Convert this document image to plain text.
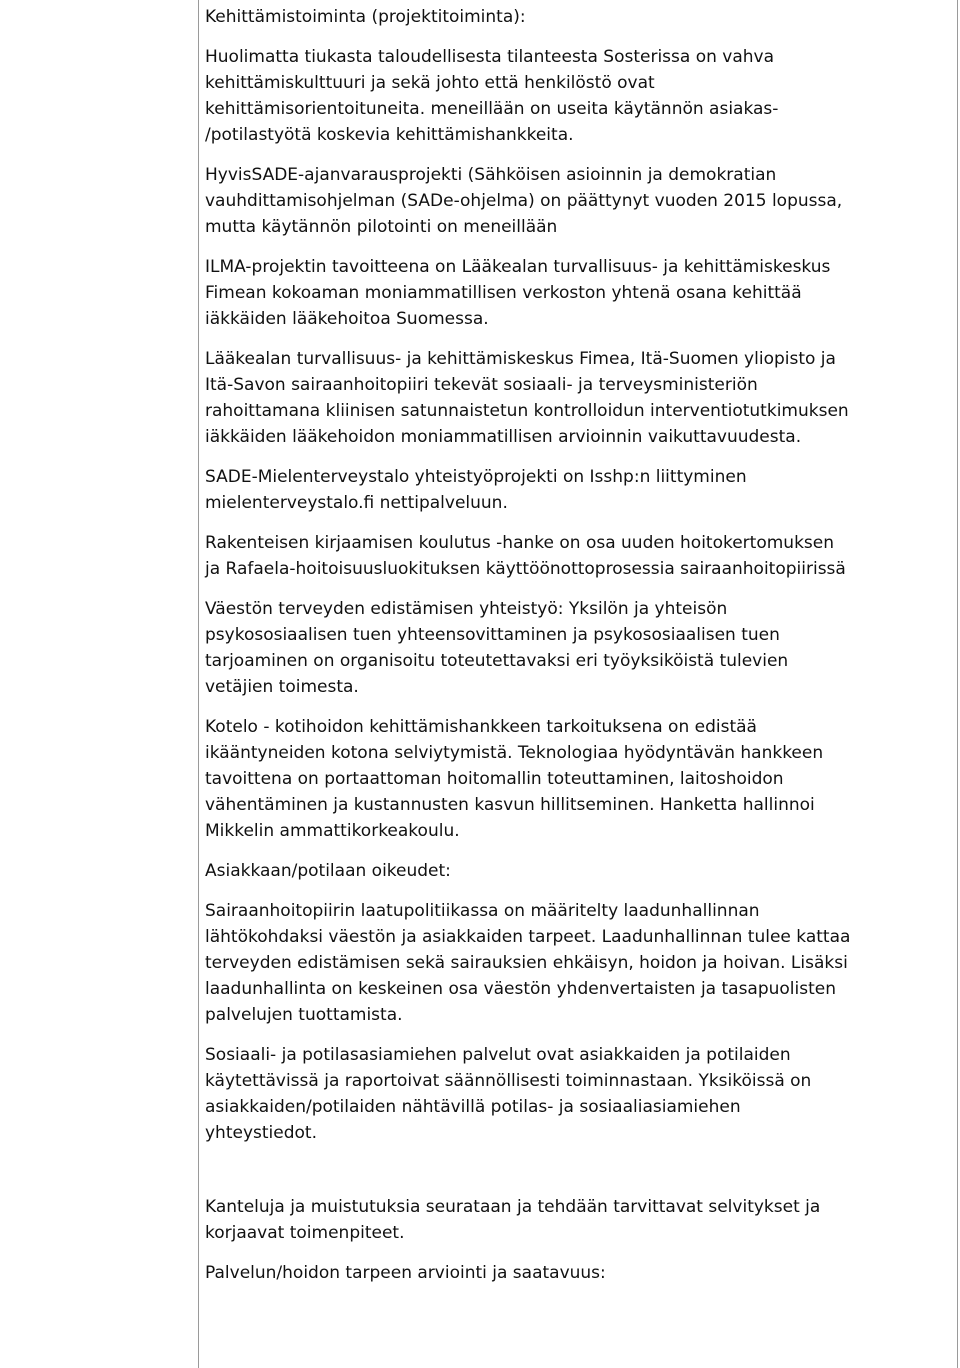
Kehittämistoiminta (projektitoiminta):

Huolimatta tiukasta taloudellisesta tilanteesta Sosterissa on vahva
kehittämiskulttuuri ja sekä johto että henkilöstö ovat
kehittämisorientoituneita. meneillään on useita käytännön asiakas-
/potilastyötä koskevia kehittämishankkeita.

HyvisSADE-ajanvarausprojekti (Sähköisen asioinnin ja demokratian
vauhdittamisohjelman (SADe-ohjelma) on päättynyt vuoden 2015 lopussa,
mutta käytännön pilotointi on meneillään

ILMA-projektin tavoitteena on Lääkealan turvallisuus- ja kehittämiskeskus
Fimean kokoaman moniammatillisen verkoston yhtenä osana kehittää
iäkkäiden lääkehoitoa Suomessa.

Lääkealan turvallisuus- ja kehittämiskeskus Fimea, Itä-Suomen yliopisto ja
Itä-Savon sairaanhoitopiiri tekevät sosiaali- ja terveysministeriön
rahoittamana kliinisen satunnaistetun kontrolloidun interventiotutkimuksen
iäkkäiden lääkehoidon moniammatillisen arvioinnin vaikuttavuudesta.

SADE-Mielenterveystalo yhteistyöprojekti on Isshp:n liittyminen
mielenterveystalo.fi nettipalveluun.

Rakenteisen kirjaamisen koulutus -hanke on osa uuden hoitokertomuksen
ja Rafaela-hoitoisuusluokituksen käyttöönottoprosessia sairaanhoitopiirissä

Väestön terveyden edistämisen yhteistyö: Yksilön ja yhteisön
psykososiaalisen tuen yhteensovittaminen ja psykososiaalisen tuen
tarjoaminen on organisoitu toteutettavaksi eri työyksiköistä tulevien
vetäjien toimesta.

Kotelo - kotihoidon kehittämishankkeen tarkoituksena on edistää
ikääntyneiden kotona selviytymistä. Teknologiaa hyödyntävän hankkeen
tavoittena on portaattoman hoitomallin toteuttaminen, laitoshoidon
vähentäminen ja kustannusten kasvun hillitseminen. Hanketta hallinnoi
Mikkelin ammattikorkeakoulu.

Asiakkaan/potilaan oikeudet:

Sairaanhoitopiirin laatupolitiikassa on määritelty laadunhallinnan
lähtökohdaksi väestön ja asiakkaiden tarpeet. Laadunhallinnan tulee kattaa
terveyden edistämisen sekä sairauksien ehkäisyn, hoidon ja hoivan. Lisäksi
laadunhallinta on keskeinen osa väestön yhdenvertaisten ja tasapuolisten
palvelujen tuottamista.

Sosiaali- ja potilasasiamiehen palvelut ovat asiakkaiden ja potilaiden
käytettävissä ja raportoivat säännöllisesti toiminnastaan. Yksiköissä on
asiakkaiden/potilaiden nähtävillä potilas- ja sosiaaliasiamiehen
yhteystiedot.

Kanteluja ja muistutuksia seurataan ja tehdään tarvittavat selvitykset ja
korjaavat toimenpiteet.

Palvelun/hoidon tarpeen arviointi ja saatavuus:
